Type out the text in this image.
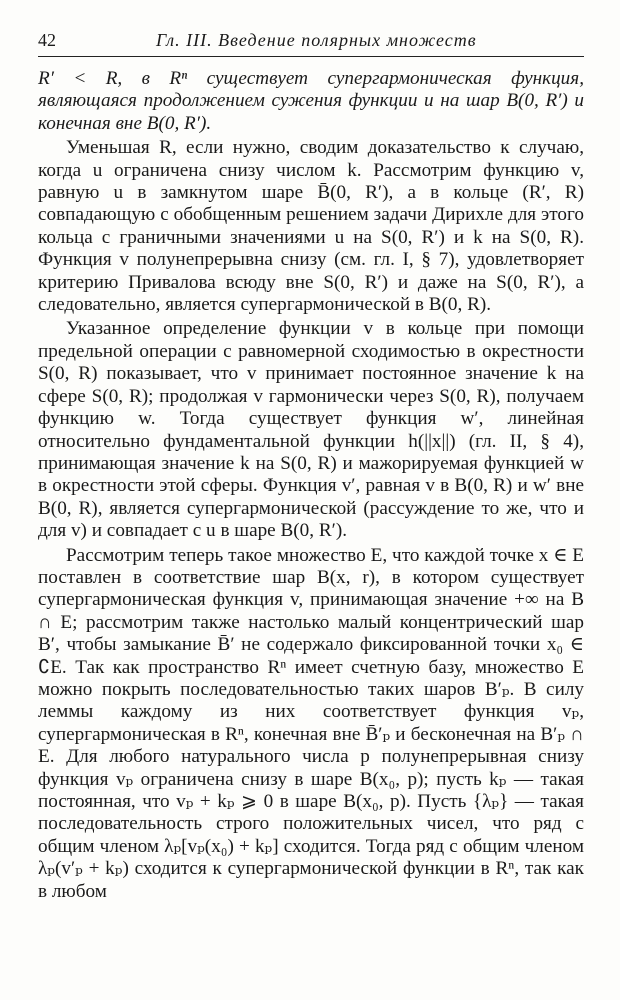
42	Гл. III. Введение полярных множеств

R′ < R, в Rⁿ существует супергармоническая функция, являющаяся продолжением сужения функции и на шар B(0, R′) и конечная вне B(0, R′).

Уменьшая R, если нужно, сводим доказательство к случаю, когда u ограничена снизу числом k. Рассмотрим функцию v, равную u в замкнутом шаре B̄(0, R′), а в кольце (R′, R) совпадающую с обобщенным решением задачи Дирихле для этого кольца с граничными значениями u на S(0, R′) и k на S(0, R). Функция v полунепрерывна снизу (см. гл. I, § 7), удовлетворяет критерию Привалова всюду вне S(0, R′) и даже на S(0, R′), а следовательно, является супергармонической в B(0, R).

Указанное определение функции v в кольце при помощи предельной операции с равномерной сходимостью в окрестности S(0, R) показывает, что v принимает постоянное значение k на сфере S(0, R); продолжая v гармонически через S(0, R), получаем функцию w. Тогда существует функция w′, линейная относительно фундаментальной функции h(||x||) (гл. II, § 4), принимающая значение k на S(0, R) и мажорируемая функцией w в окрестности этой сферы. Функция v′, равная v в B(0, R) и w′ вне B(0, R), является супергармонической (рассуждение то же, что и для v) и совпадает с u в шаре B(0, R′).

Рассмотрим теперь такое множество E, что каждой точке x ∈ E поставлен в соответствие шар B(x, r), в котором существует супергармоническая функция v, принимающая значение +∞ на B ∩ E; рассмотрим также настолько малый концентрический шар B′, чтобы замыкание B̄′ не содержало фиксированной точки x₀ ∈ ∁E. Так как пространство Rⁿ имеет счетную базу, множество E можно покрыть последовательностью таких шаров B′ₚ. В силу леммы каждому из них соответствует функция vₚ, супергармоническая в Rⁿ, конечная вне B̄′ₚ и бесконечная на B′ₚ ∩ E. Для любого натурального числа p полунепрерывная снизу функция vₚ ограничена снизу в шаре B(x₀, p); пусть kₚ — такая постоянная, что vₚ + kₚ ⩾ 0 в шаре B(x₀, p). Пусть {λₚ} — такая последовательность строго положительных чисел, что ряд с общим членом λₚ[vₚ(x₀) + kₚ] сходится. Тогда ряд с общим членом λₚ(v′ₚ + kₚ) сходится к супергармонической функции в Rⁿ, так как в любом
